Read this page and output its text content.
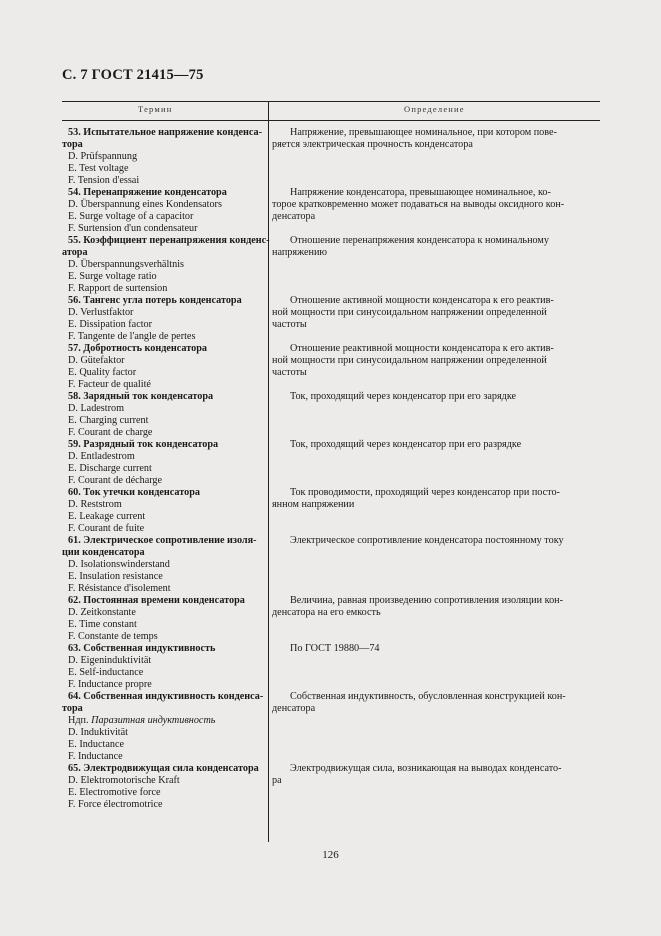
С. 7 ГОСТ 21415—75
Термин	Определение
53. Испытательное напряжение конденса-
тора
D. Prüfspannung
E. Test voltage
F. Tension d'essai
Напряжение, превышающее номинальное, при котором пове-
ряется электрическая прочность конденсатора
54. Перенапряжение конденсатора
D. Überspannung eines Kondensators
E. Surge voltage of a capacitor
F. Surtension d'un condensateur
Напряжение конденсатора, превышающее номинальное, ко-
торое кратковременно может подаваться на выводы оксидного кон-
денсатора
55. Коэффициент перенапряжения конденс-
атора
D. Überspannungsverhältnis
E. Surge voltage ratio
F. Rapport de surtension
Отношение перенапряжения конденсатора к номинальному
напряжению
56. Тангенс угла потерь конденсатора
D. Verlustfaktor
E. Dissipation factor
F. Tangente de l'angle de pertes
Отношение активной мощности конденсатора к его реактив-
ной мощности при синусоидальном напряжении определенной
частоты
57. Добротность конденсатора
D. Gütefaktor
E. Quality factor
F. Facteur de qualité
Отношение реактивной мощности конденсатора к его актив-
ной мощности при синусоидальном напряжении определенной
частоты
58. Зарядный ток конденсатора
D. Ladestrom
E. Charging current
F. Courant de charge
Ток, проходящий через конденсатор при его зарядке
59. Разрядный ток конденсатора
D. Entladestrom
E. Discharge current
F. Courant de décharge
Ток, проходящий через конденсатор при его разрядке
60. Ток утечки конденсатора
D. Reststrom
E. Leakage current
F. Courant de fuite
Ток проводимости, проходящий через конденсатор при посто-
янном напряжении
61. Электрическое сопротивление изоля-
ции конденсатора
D. Isolationswinderstand
E. Insulation resistance
F. Résistance d'isolement
Электрическое сопротивление конденсатора постоянному току
62. Постоянная времени конденсатора
D. Zeitkonstante
E. Time constant
F. Constante de temps
Величина, равная произведению сопротивления изоляции кон-
денсатора на его емкость
63. Собственная индуктивность
D. Eigeninduktivität
E. Self-inductance
F. Inductance propre
По ГОСТ 19880—74
64. Собственная индуктивность конденса-
тора
Ндп. Паразитная индуктивность
D. Induktivität
E. Inductance
F. Inductance
Собственная индуктивность, обусловленная конструкцией кон-
денсатора
65. Электродвижущая сила конденсатора
D. Elektromotorische Kraft
E. Electromotive force
F. Force électromotrice
Электродвижущая сила, возникающая на выводах конденсато-
ра
126
